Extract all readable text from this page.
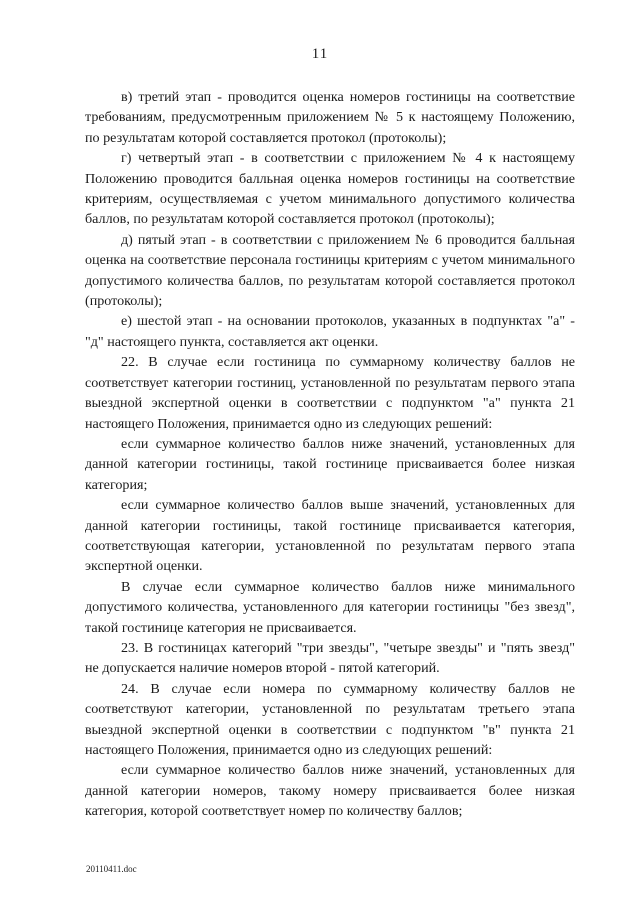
11

в) третий этап - проводится оценка номеров гостиницы на соответствие требованиям, предусмотренным приложением № 5 к настоящему Положению, по результатам которой составляется протокол (протоколы);

г) четвертый этап - в соответствии с приложением № 4 к настоящему Положению проводится балльная оценка номеров гостиницы на соответствие критериям, осуществляемая с учетом минимального допустимого количества баллов, по результатам которой составляется протокол (протоколы);

д) пятый этап - в соответствии с приложением № 6 проводится балльная оценка на соответствие персонала гостиницы критериям с учетом минимального допустимого количества баллов, по результатам которой составляется протокол (протоколы);

е) шестой этап - на основании протоколов, указанных в подпунктах "а" - "д" настоящего пункта, составляется акт оценки.

22. В случае если гостиница по суммарному количеству баллов не соответствует категории гостиниц, установленной по результатам первого этапа выездной экспертной оценки в соответствии с подпунктом "а" пункта 21 настоящего Положения, принимается одно из следующих решений:

если суммарное количество баллов ниже значений, установленных для данной категории гостиницы, такой гостинице присваивается более низкая категория;

если суммарное количество баллов выше значений, установленных для данной категории гостиницы, такой гостинице присваивается категория, соответствующая категории, установленной по результатам первого этапа экспертной оценки.

В случае если суммарное количество баллов ниже минимального допустимого количества, установленного для категории гостиницы "без звезд", такой гостинице категория не присваивается.

23. В гостиницах категорий "три звезды", "четыре звезды" и "пять звезд" не допускается наличие номеров второй - пятой категорий.

24. В случае если номера по суммарному количеству баллов не соответствуют категории, установленной по результатам третьего этапа выездной экспертной оценки в соответствии с подпунктом "в" пункта 21 настоящего Положения, принимается одно из следующих решений:

если суммарное количество баллов ниже значений, установленных для данной категории номеров, такому номеру присваивается более низкая категория, которой соответствует номер по количеству баллов;

20110411.doc
